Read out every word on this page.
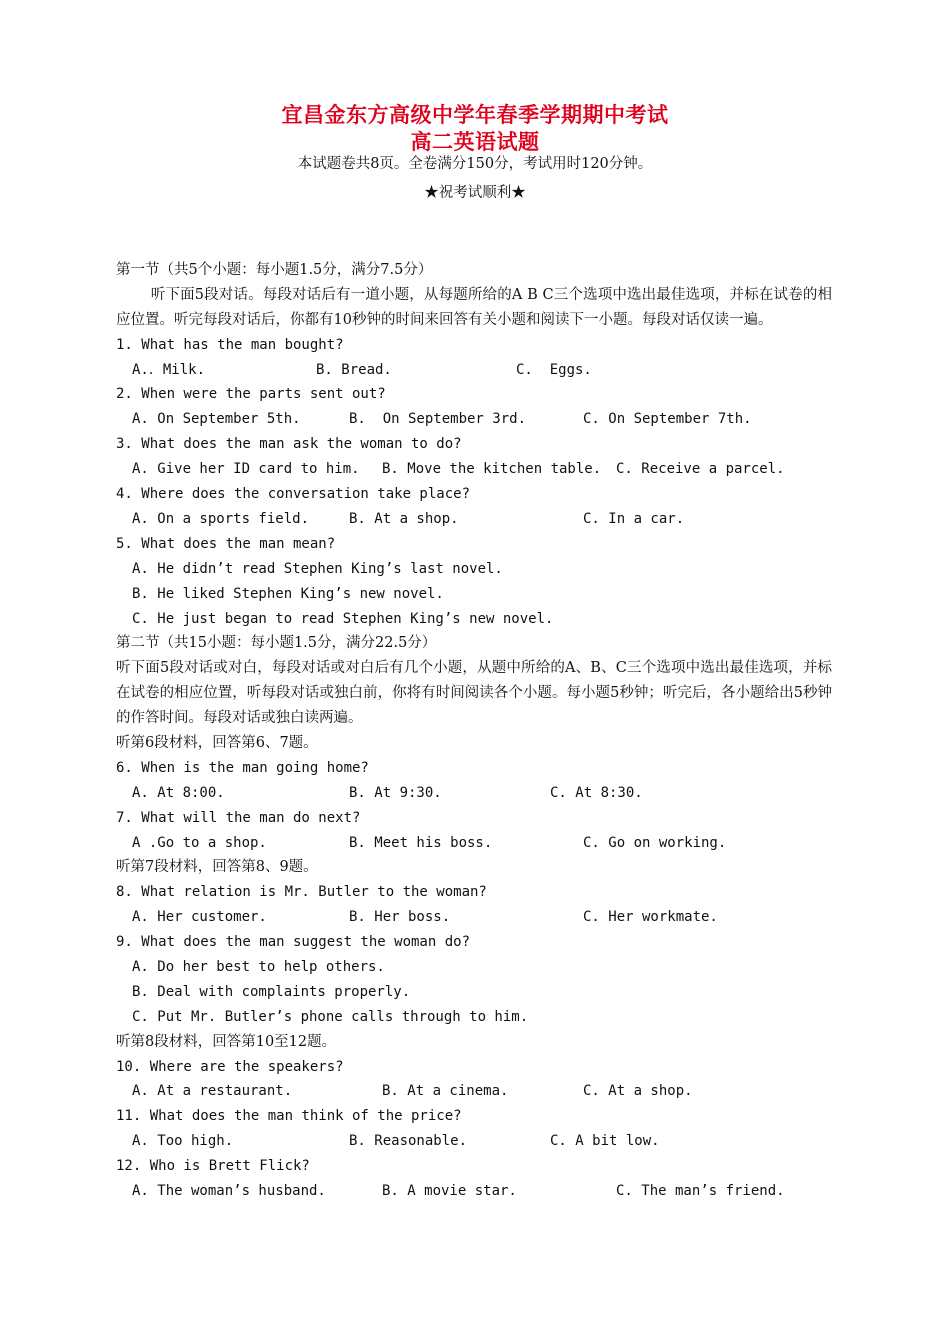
宜昌金东方高级中学年春季学期期中考试
高二英语试题
本试题卷共8页。全卷满分150分，考试用时120分钟。
★祝考试顺利★
第一节（共5个小题：每小题1.5分，满分7.5分）
听下面5段对话。每段对话后有一道小题，从每题所给的A B C三个选项中选出最佳选项，并标在试卷的相应位置。听完每段对话后，你都有10秒钟的时间来回答有关小题和阅读下一小题。每段对话仅读一遍。
1. What has the man bought?
A.．Milk.	B. Bread.	C.  Eggs.
2. When were the parts sent out?
A. On September 5th.	B.  On September 3rd.	C. On September 7th.
3. What does the man ask the woman to do?
A. Give her ID card to him. B. Move the kitchen table. C. Receive a parcel.
4. Where does the conversation take place?
A. On a sports field.	B. At a shop.	C. In a car.
5. What does the man mean?
A. He didn’t read Stephen King’s last novel.
B. He liked Stephen King’s new novel.
C. He just began to read Stephen King’s new novel.
第二节（共15小题：每小题1.5分，满分22.5分）
听下面5段对话或对白，每段对话或对白后有几个小题，从题中所给的A、B、C三个选项中选出最佳选项，并标在试卷的相应位置，听每段对话或独白前，你将有时间阅读各个小题。每小题5秒钟；听完后，各小题给出5秒钟的作答时间。每段对话或独白读两遍。
听第6段材料，回答第6、7题。
6. When is the man going home?
A. At 8:00.	B. At 9:30.	C. At 8:30.
7. What will the man do next?
A .Go to a shop.	B. Meet his boss.	C. Go on working.
听第7段材料，回答第8、9题。
8. What relation is Mr. Butler to the woman?
A. Her customer.	B. Her boss.	C. Her workmate.
9. What does the man suggest the woman do?
A. Do her best to help others.
B. Deal with complaints properly.
C. Put Mr. Butler’s phone calls through to him.
听第8段材料，回答第10至12题。
10. Where are the speakers?
A. At a restaurant.	B. At a cinema.	C. At a shop.
11. What does the man think of the price?
A. Too high.	B. Reasonable.	C. A bit low.
12. Who is Brett Flick?
A. The woman’s husband.	B. A movie star.	C. The man’s friend.
